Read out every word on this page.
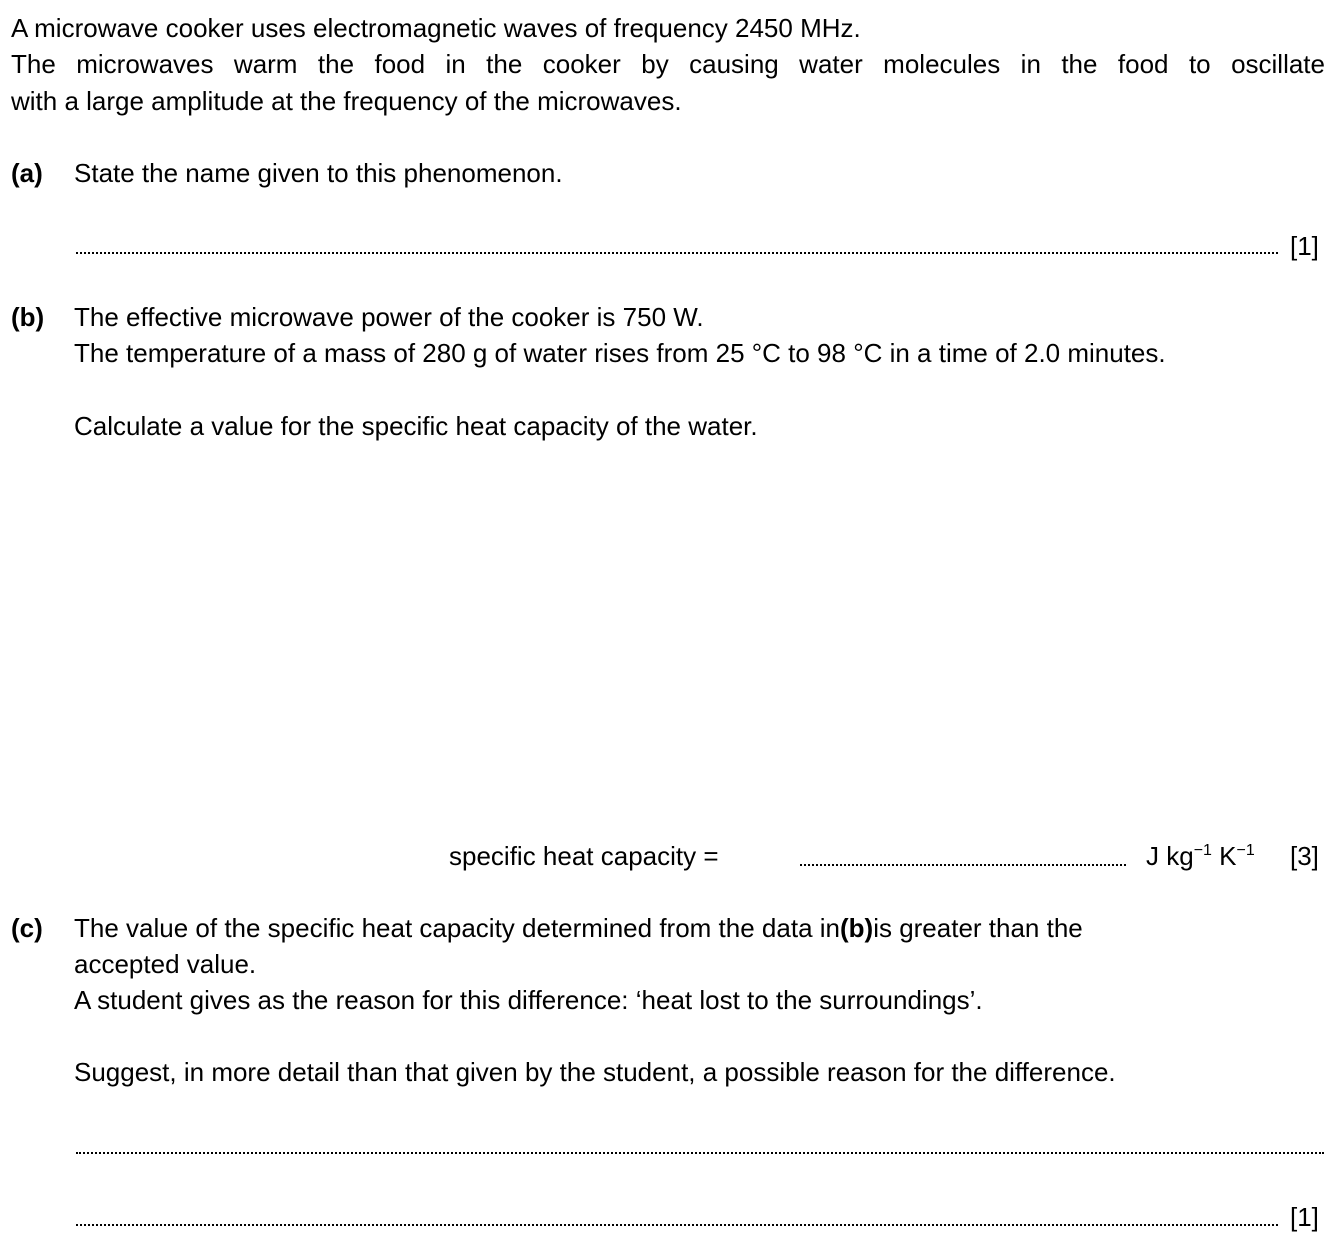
A microwave cooker uses electromagnetic waves of frequency 2450 MHz.
The microwaves warm the food in the cooker by causing water molecules in the food to oscillate
with a large amplitude at the frequency of the microwaves.
(a) State the name given to this phenomenon.
[1]
(b) The effective microwave power of the cooker is 750 W.
The temperature of a mass of 280 g of water rises from 25 °C to 98 °C in a time of 2.0 minutes.
Calculate a value for the specific heat capacity of the water.
specific heat capacity =	J $kg^{-1}$ $K^{-1}$ [3]
(c) The value of the specific heat capacity determined from the data in(b)is greater than the
accepted value.
A student gives as the reason for this difference: ‘heat lost to the surroundings’.
Suggest, in more detail than that given by the student, a possible reason for the difference.
[1]
